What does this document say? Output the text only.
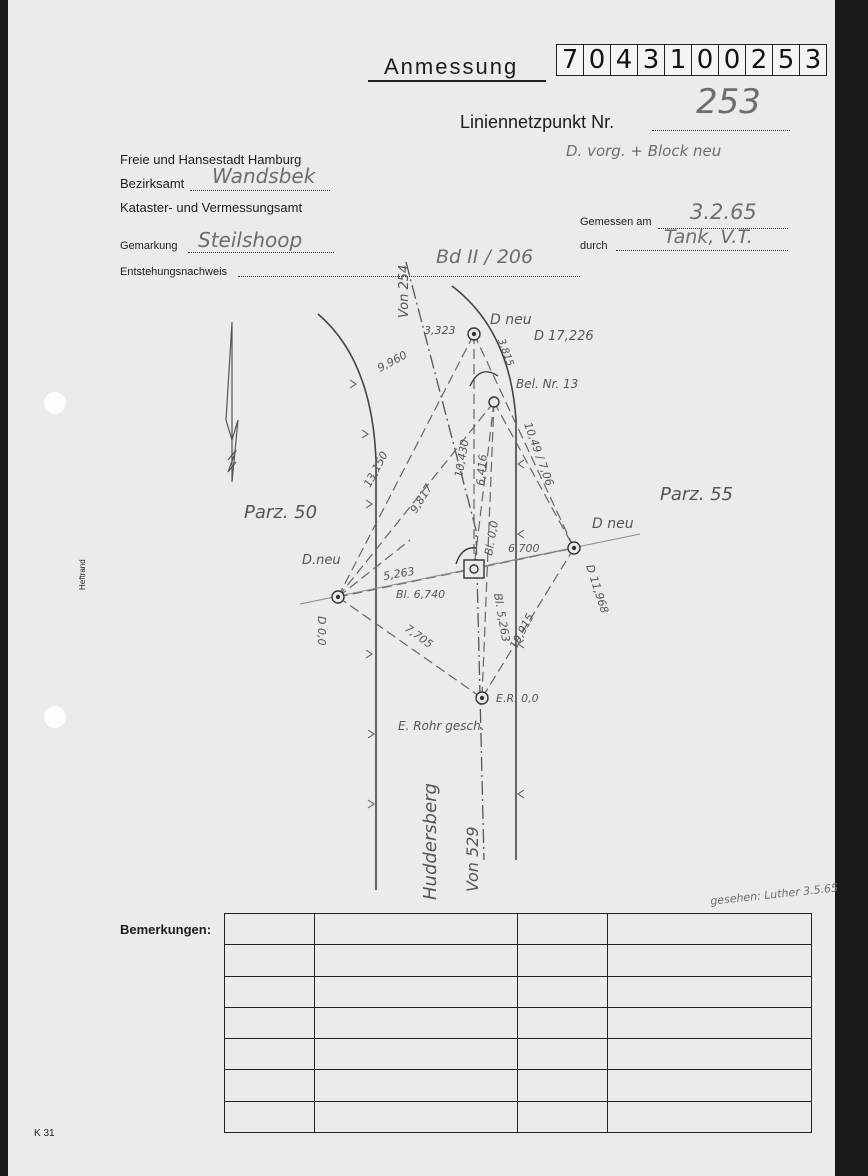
Anmessung 7 0 4 3 1 0 0 2 5 3
Liniennetzpunkt Nr. 253
D. vorg. + Block neu
Freie und Hansestadt Hamburg
Bezirksamt Wandsbek
Kataster- und Vermessungsamt
Gemarkung Steilshoop
Entstehungsnachweis
Bd II / 206
Gemessen am 3.2.65
durch	Tank, V.T.
Parz. 50
Parz. 55
Huddersberg Von 529
Von 254
D neu
D 17,226
Bel. Nr. 13
D.neu
D 0,0
D neu
D 11,968
Bl. 0,0
Bl. 6,740	Bl. 5,263
E.R. 0,0
E. Rohr gesch.
3,323
9,960	3,815
13,150
9,817
10,430 6,416	10,49 / 7,06
5,263
6,700
7,705	10,915
Heftrand
gesehen: Luther 3.5.65
Bemerkungen:

K 31
